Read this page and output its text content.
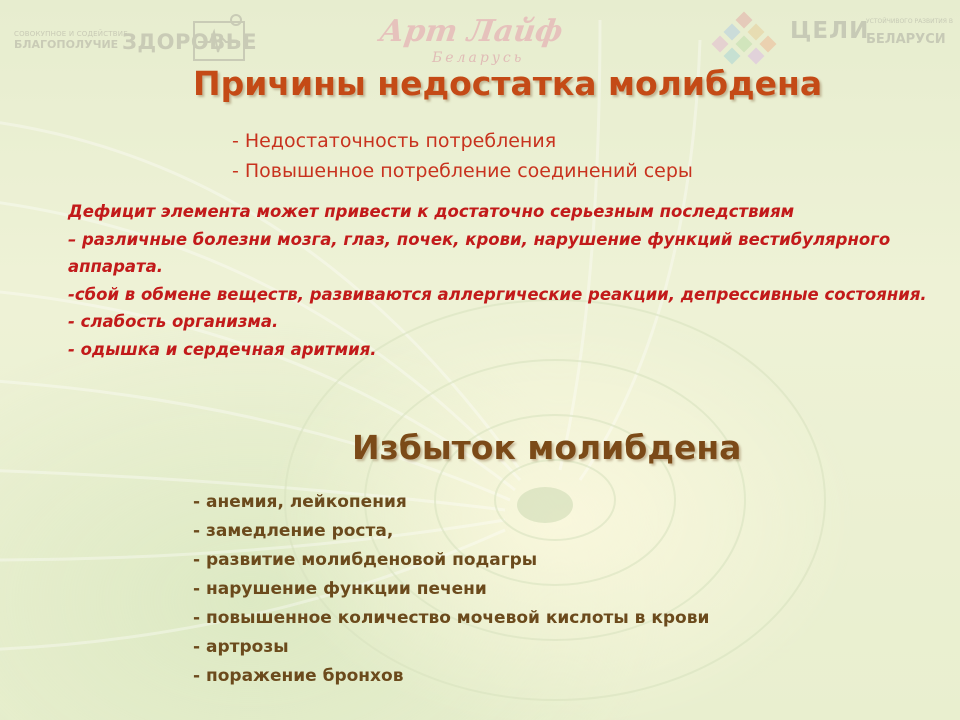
СОВОКУПНОЕ И СОДЕЙСТВИЕ
БЛАГОПОЛУЧИЕ ЗДОРОВЬЕ	Арт Лайф
Беларусь
ЦЕЛИ
УСТОЙЧИВОГО РАЗВИТИЯ В
БЕЛАРУСИ
Причины недостатка молибдена
- Недостаточность потребления
- Повышенное потребление соединений серы

Дефицит элемента может привести к достаточно серьезным последствиям

– различные болезни мозга, глаз, почек, крови, нарушение функций вестибулярного аппарата.

-сбой в обмене веществ, развиваются аллергические реакции, депрессивные состояния.

- слабость организма.

- одышка и сердечная аритмия.

Избыток молибдена
- анемия, лейкопения
- замедление роста,
- развитие молибденовой подагры
- нарушение функции печени
- повышенное количество мочевой кислоты в крови
- артрозы
- поражение бронхов
